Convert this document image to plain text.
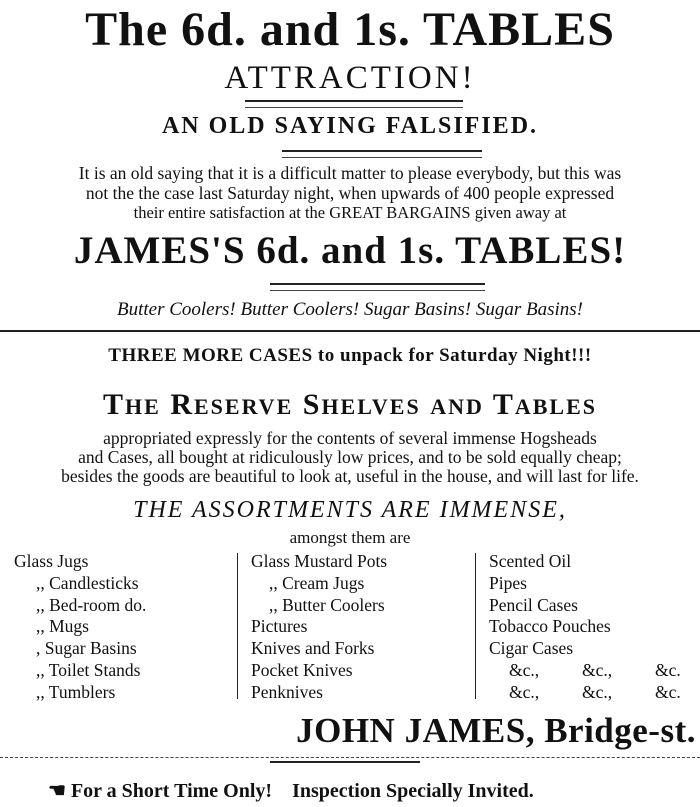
The 6d. and 1s. TABLES
ATTRACTION!
AN OLD SAYING FALSIFIED.
It is an old saying that it is a difficult matter to please everybody, but this was
not the the case last Saturday night, when upwards of 400 people expressed
their entire satisfaction at the GREAT BARGAINS given away at
JAMES'S 6d. and 1s. TABLES!
Butter Coolers! Butter Coolers! Sugar Basins! Sugar Basins!
THREE MORE CASES to unpack for Saturday Night!!!
THE RESERVE SHELVES AND TABLES
appropriated expressly for the contents of several immense Hogsheads
and Cases, all bought at ridiculously low prices, and to be sold equally cheap;
besides the goods are beautiful to look at, useful in the house, and will last for life.
THE ASSORTMENTS ARE IMMENSE,
amongst them are
Glass Jugs
,, Candlesticks
,, Bed-room do.
,, Mugs
, Sugar Basins
,, Toilet Stands
,, Tumblers
Glass Mustard Pots
,, Cream Jugs
,, Butter Coolers
Pictures
Knives and Forks
Pocket Knives
Penknives
Scented Oil
Pipes
Pencil Cases
Tobacco Pouches
Cigar Cases
&c., &c., &c.
&c., &c., &c.
JOHN JAMES, Bridge-st.
☛ For a Short Time Only! Inspection Specially Invited.
